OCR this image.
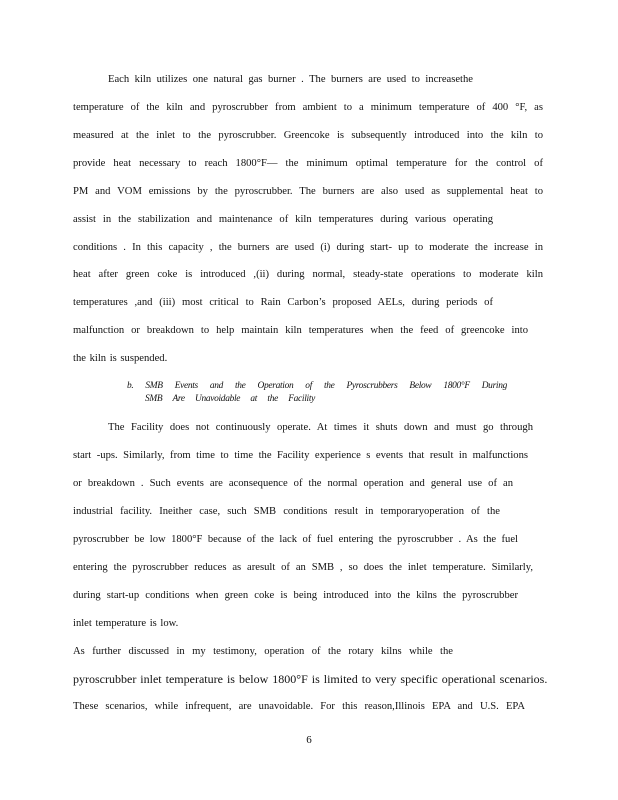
Each kiln utilizes one natural gas burner . The burners are used to increasethe
temperature of the kiln and pyroscrubber from ambient to a minimum temperature of 400 °F, as
measured at the inlet to the pyroscrubber. Greencoke is subsequently introduced into the kiln to
provide heat necessary to reach 1800°F— the minimum optimal temperature for the control of
PM and VOM emissions by the pyroscrubber. The burners are also used as supplemental heat to
assist in the stabilization and maintenance of kiln temperatures during various operating
conditions . In this capacity , the burners are used (i) during start- up to moderate the increase in
heat after green coke is introduced ,(ii) during normal, steady-state operations to moderate kiln
temperatures ,and (iii) most critical to Rain Carbon’s proposed AELs, during periods of
malfunction or breakdown to help maintain kiln temperatures when the feed of greencoke into
the kiln is suspended.
b. SMB Events and the Operation of the Pyroscrubbers Below 1800°F During
SMB Are Unavoidable at the Facility
The Facility does not continuously operate. At times it shuts down and must go through
start -ups. Similarly, from time to time the Facility experience s events that result in malfunctions
or breakdown . Such events are aconsequence of the normal operation and general use of an
industrial facility. Ineither case, such SMB conditions result in temporaryoperation of the
pyroscrubber be low 1800°F because of the lack of fuel entering the pyroscrubber . As the fuel
entering the pyroscrubber reduces as aresult of an SMB , so does the inlet temperature. Similarly,
during start-up conditions when green coke is being introduced into the kilns the pyroscrubber
inlet temperature is low.
As further discussed in my testimony, operation of the rotary kilns while the
pyroscrubber inlet temperature is below 1800°F is limited to very specific operational scenarios.
These scenarios, while infrequent, are unavoidable. For this reason,Illinois EPA and U.S. EPA
6
